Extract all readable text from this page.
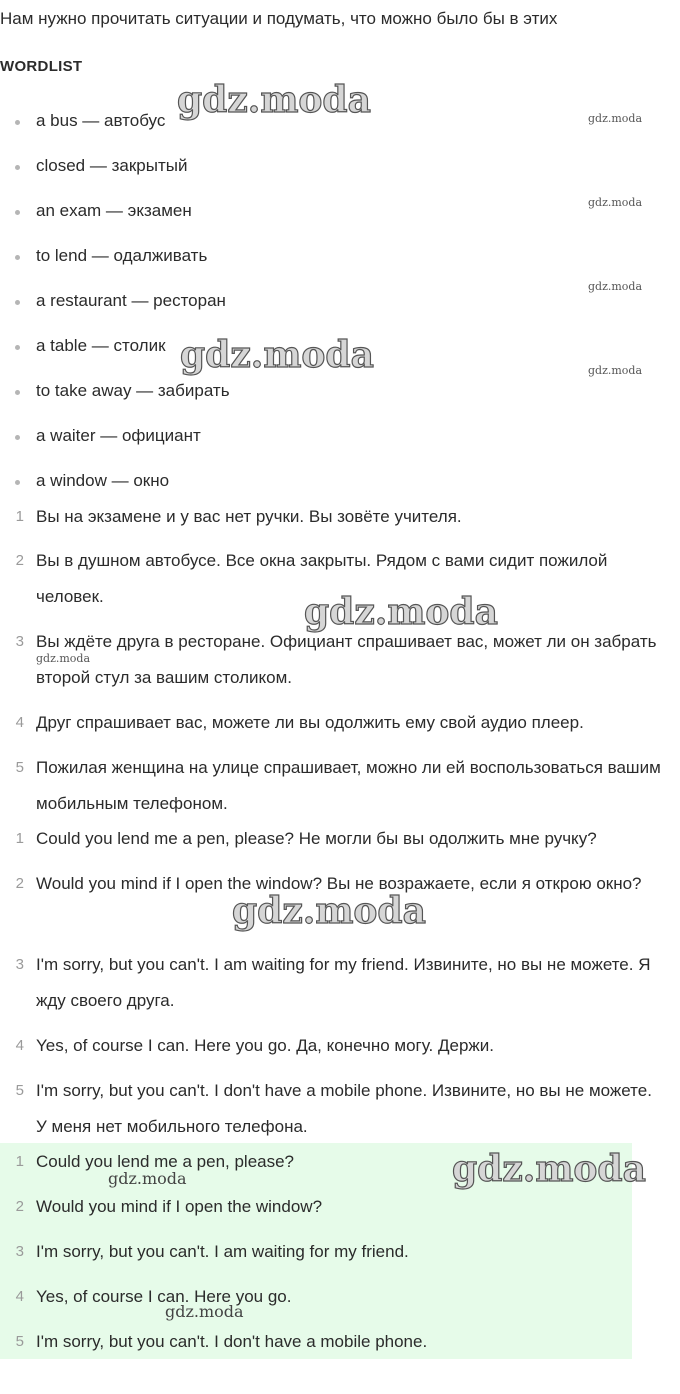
Нам нужно прочитать ситуации и подумать, что можно было бы в этих
WORDLIST
a bus — автобус
closed — закрытый
an exam — экзамен
to lend — одалживать
a restaurant — ресторан
a table — столик
to take away — забирать
a waiter — официант
a window — окно
1 Вы на экзамене и у вас нет ручки. Вы зовёте учителя.
2 Вы в душном автобусе. Все окна закрыты. Рядом с вами сидит пожилой человек.
3 Вы ждёте друга в ресторане. Официант спрашивает вас, может ли он забрать второй стул за вашим столиком.
4 Друг спрашивает вас, можете ли вы одолжить ему свой аудио плеер.
5 Пожилая женщина на улице спрашивает, можно ли ей воспользоваться вашим мобильным телефоном.
1 Could you lend me a pen, please? Не могли бы вы одолжить мне ручку?
2 Would you mind if I open the window? Вы не возражаете, если я открою окно?
3 I'm sorry, but you can't. I am waiting for my friend. Извините, но вы не можете. Я жду своего друга.
4 Yes, of course I can. Here you go. Да, конечно могу. Держи.
5 I'm sorry, but you can't. I don't have a mobile phone. Извините, но вы не можете. У меня нет мобильного телефона.
1 Could you lend me a pen, please?
2 Would you mind if I open the window?
3 I'm sorry, but you can't. I am waiting for my friend.
4 Yes, of course I can. Here you go.
5 I'm sorry, but you can't. I don't have a mobile phone.
gdz.moda
gdz.moda
gdz.moda
gdz.moda
gdz.moda
gdz.moda
gdz.moda
gdz.moda
gdz.moda
gdz.moda
gdz.moda
gdz.moda
